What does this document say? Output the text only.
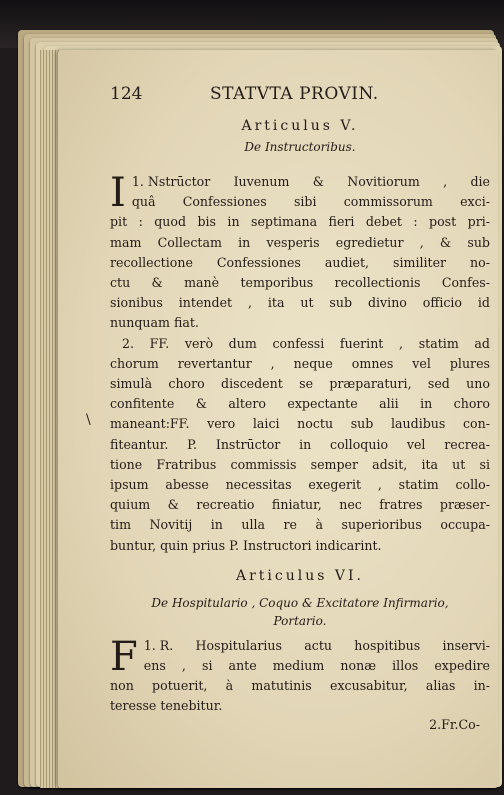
\
124	STATVTA PROVIN.
Articulus V.
De Instructoribus.

1.
I Nstrūctor Iuvenum & Novitiorum , die

quâ Confessiones sibi commissorum exci-

pit : quod bis in septimana fieri debet : post pri-

mam Collectam in vesperis egredietur , & sub

recollectione Confessiones audiet, similiter no-

ctu & manè temporibus recollectionis Confes-

sionibus intendet , ita ut sub divino officio id

nunquam fiat.

2. FF. verò dum confessi fuerint , statim ad

chorum revertantur , neque omnes vel plures

simulà choro discedent se præparaturi, sed uno

confitente & altero expectante alii in choro

maneant:FF. vero laici noctu sub laudibus con-

fiteantur. P. Instrūctor in colloquio vel recrea-

tione Fratribus commissis semper adsit, ita ut si

ipsum abesse necessitas exegerit , statim collo-

quium & recreatio finiatur, nec fratres præser-

tim Novitij in ulla re à superioribus occupa-

buntur, quin prius P. Instructori indicarint.

Articulus VI.
De Hospitulario , Coquo & Excitatore Infirmario,
Portario.

1.
F R. Hospitularius actu hospitibus inservi-

ens , si ante medium nonæ illos expedire

non potuerit, à matutinis excusabitur, alias in-

teresse tenebitur.

2.Fr.Co-
